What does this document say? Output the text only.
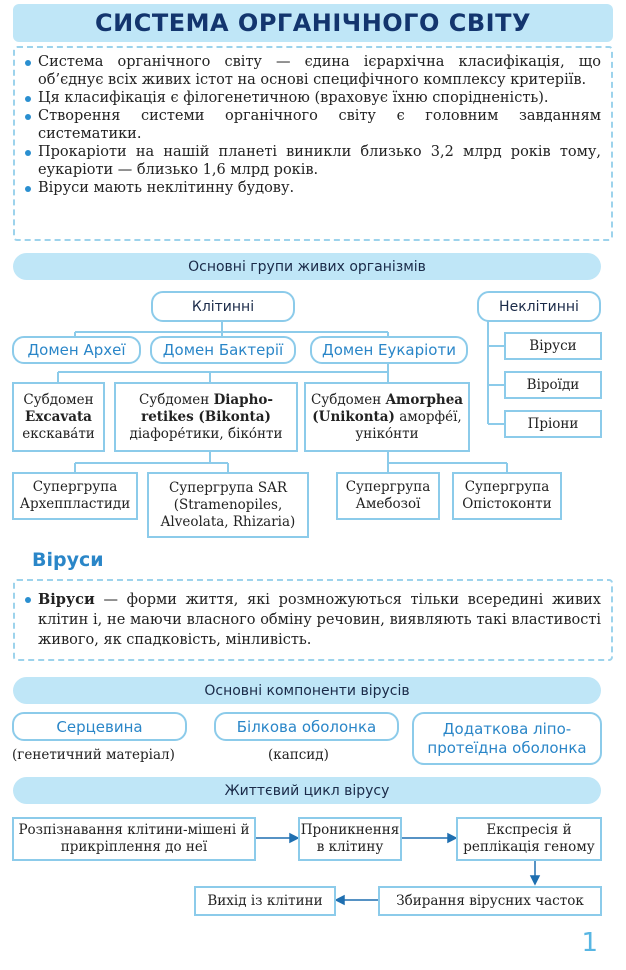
СИСТЕМА ОРГАНІЧНОГО СВІТУ
Система органічного світу — єдина ієрархічна класифікація, що об’єднує всіх живих істот на основі специфічного комплексу критеріїв.
Ця класифікація є філогенетичною (враховує їхню спорідненість).
Створення системи органічного світу є головним завданням систематики.
Прокаріоти на нашій планеті виникли близько 3,2 млрд років тому, еукаріоти — близько 1,6 млрд років.
Віруси мають неклітинну будову.
Основні групи живих організмів
Клітинні	Неклітинні
Домен Археї	Домен Бактерії	Домен Еукаріоти	Віруси
Віроїди
Пріони
Субдомен
Excavata
екскава́ти
Субдомен Diapho-
retikes (Bikonta)
діафоре́тики, біко́нти
Субдомен Amorphea
(Unikonta) аморфе́ї,
уніко́нти
Супергрупа
Археппластиди
Супергрупа SAR
(Stramenopiles,
Alveolata, Rhizaria)
Супергрупа
Амебозої
Супергрупа
Опістоконти
Віруси
Віруси — форми життя, які розмножуються тільки всередині живих клітин і, не маючи власного обміну речовин, виявляють такі властивості живого, як спадковість, мінливість.
Основні компоненти вірусів
Серцевина
(генетичний матеріал)
Білкова оболонка
(капсид)
Додаткова ліпо-
протеїдна оболонка
Життєвий цикл вірусу
Розпізнавання клітини-мішені й прикріплення до неї
Проникнення в клітину
Експресія й реплікація геному
Збирання вірусних часток
Вихід із клітини
1
